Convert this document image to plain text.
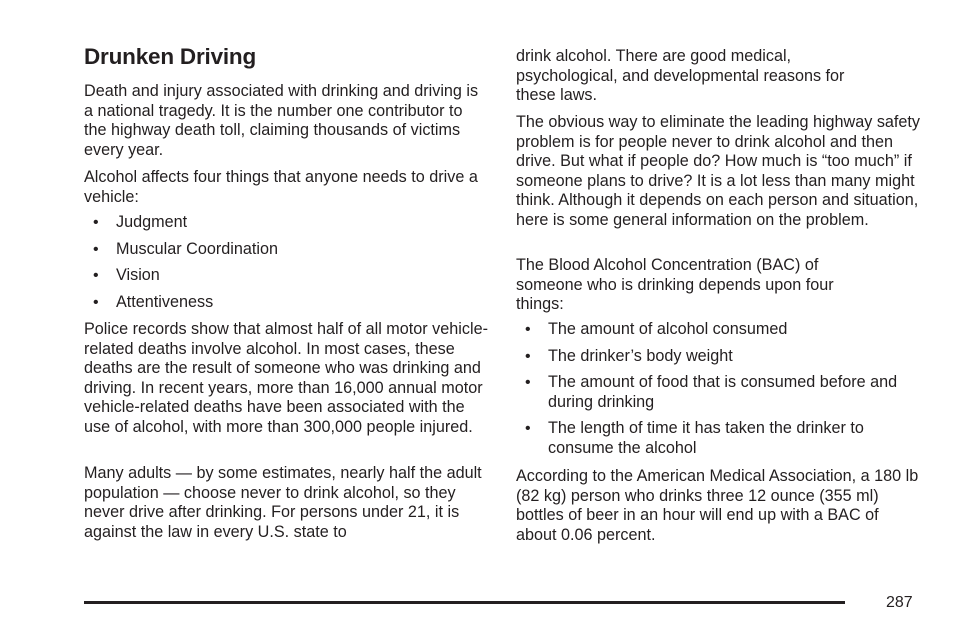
Drunken Driving

Death and injury associated with drinking and driving is a national tragedy. It is the number one contributor to the highway death toll, claiming thousands of victims every year.

Alcohol affects four things that anyone needs to drive a vehicle:

• Judgment
• Muscular Coordination
• Vision
• Attentiveness

Police records show that almost half of all motor vehicle-related deaths involve alcohol. In most cases, these deaths are the result of someone who was drinking and driving. In recent years, more than 16,000 annual motor vehicle-related deaths have been associated with the use of alcohol, with more than 300,000 people injured.

Many adults — by some estimates, nearly half the adult population — choose never to drink alcohol, so they never drive after drinking. For persons under 21, it is against the law in every U.S. state to

drink alcohol. There are good medical, psychological, and developmental reasons for these laws.

The obvious way to eliminate the leading highway safety problem is for people never to drink alcohol and then drive. But what if people do? How much is “too much” if someone plans to drive? It is a lot less than many might think. Although it depends on each person and situation, here is some general information on the problem.

The Blood Alcohol Concentration (BAC) of someone who is drinking depends upon four things:

• The amount of alcohol consumed
• The drinker’s body weight
• The amount of food that is consumed before and during drinking
• The length of time it has taken the drinker to consume the alcohol

According to the American Medical Association, a 180 lb (82 kg) person who drinks three 12 ounce (355 ml) bottles of beer in an hour will end up with a BAC of about 0.06 percent.

287
